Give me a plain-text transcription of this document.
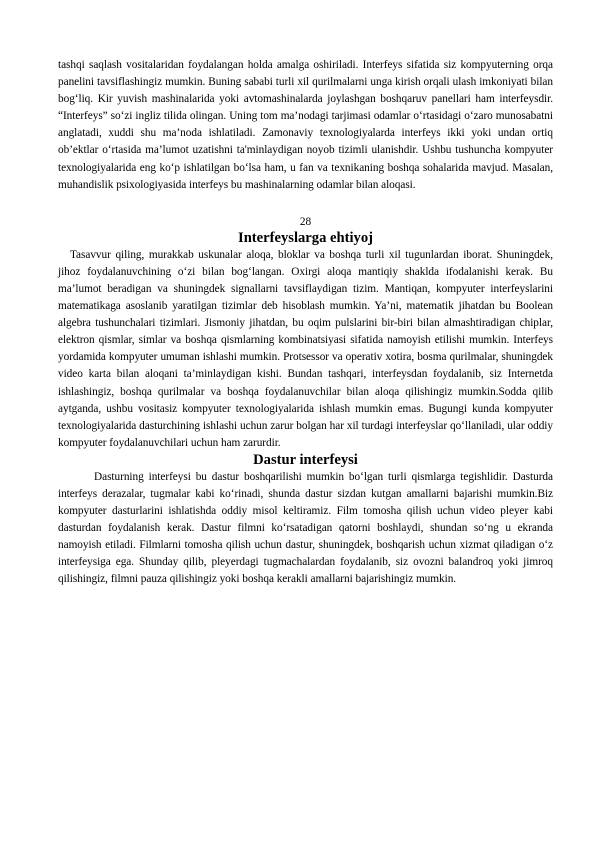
tashqi saqlash vositalaridan foydalangan holda amalga oshiriladi. Interfeys sifatida siz kompyuterning orqa panelini tavsiflashingiz mumkin. Buning sababi turli xil qurilmalarni unga kirish orqali ulash imkoniyati bilan bog‘liq. Kir yuvish mashinalarida yoki avtomashinalarda joylashgan boshqaruv panellari ham interfeysdir. “Interfeys” so‘zi ingliz tilida olingan. Uning tom ma’nodagi tarjimasi odamlar o‘rtasidagi o‘zaro munosabatni anglatadi, xuddi shu ma’noda ishlatiladi. Zamonaviy texnologiyalarda interfeys ikki yoki undan ortiq ob’ektlar o‘rtasida ma’lumot uzatishni ta'minlaydigan noyob tizimli ulanishdir. Ushbu tushuncha kompyuter texnologiyalarida eng ko‘p ishlatilgan bo‘lsa ham, u fan va texnikaning boshqa sohalarida mavjud. Masalan, muhandislik psixologiyasida interfeys bu mashinalarning odamlar bilan aloqasi.

28
Interfeyslarga ehtiyoj

Tasavvur qiling, murakkab uskunalar aloqa, bloklar va boshqa turli xil tugunlardan iborat. Shuningdek, jihoz foydalanuvchining o‘zi bilan bog‘langan. Oxirgi aloqa mantiqiy shaklda ifodalanishi kerak. Bu ma’lumot beradigan va shuningdek signallarni tavsiflaydigan tizim. Mantiqan, kompyuter interfeyslarini matematikaga asoslanib yaratilgan tizimlar deb hisoblash mumkin. Ya’ni, matematik jihatdan bu Boolean algebra tushunchalari tizimlari. Jismoniy jihatdan, bu oqim pulslarini bir-biri bilan almashtiradigan chiplar, elektron qismlar, simlar va boshqa qismlarning kombinatsiyasi sifatida namoyish etilishi mumkin. Interfeys yordamida kompyuter umuman ishlashi mumkin. Protsessor va operativ xotira, bosma qurilmalar, shuningdek video karta bilan aloqani ta’minlaydigan kishi. Bundan tashqari, interfeysdan foydalanib, siz Internetda ishlashingiz, boshqa qurilmalar va boshqa foydalanuvchilar bilan aloqa qilishingiz mumkin.Sodda qilib aytganda, ushbu vositasiz kompyuter texnologiyalarida ishlash mumkin emas. Bugungi kunda kompyuter texnologiyalarida dasturchining ishlashi uchun zarur bolgan har xil turdagi interfeyslar qo‘llaniladi, ular oddiy kompyuter foydalanuvchilari uchun ham zarurdir.

Dastur interfeysi

Dasturning interfeysi bu dastur boshqarilishi mumkin bo‘lgan turli qismlarga tegishlidir. Dasturda interfeys derazalar, tugmalar kabi ko‘rinadi, shunda dastur sizdan kutgan amallarni bajarishi mumkin.Biz kompyuter dasturlarini ishlatishda oddiy misol keltiramiz. Film tomosha qilish uchun video pleyer kabi dasturdan foydalanish kerak. Dastur filmni ko‘rsatadigan qatorni boshlaydi, shundan so‘ng u ekranda namoyish etiladi. Filmlarni tomosha qilish uchun dastur, shuningdek, boshqarish uchun xizmat qiladigan o‘z interfeysiga ega. Shunday qilib, pleyerdagi tugmachalardan foydalanib, siz ovozni balandroq yoki jimroq qilishingiz, filmni pauza qilishingiz yoki boshqa kerakli amallarni bajarishingiz mumkin.
